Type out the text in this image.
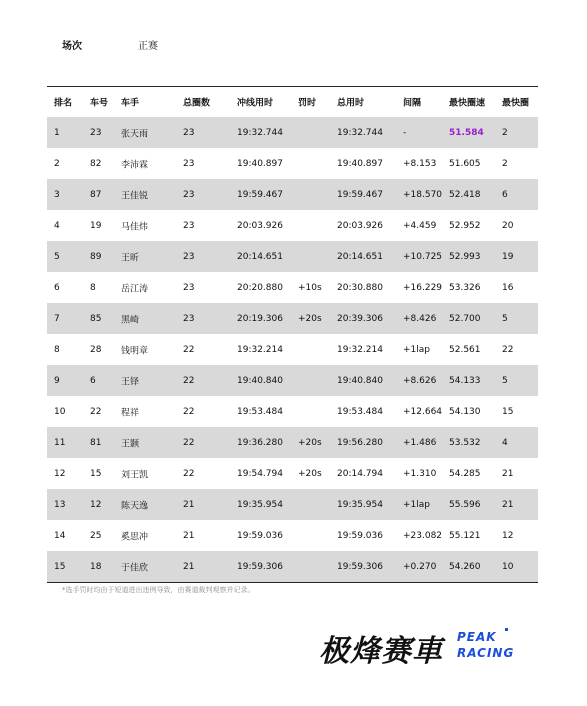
场次	正赛
排名 车号 车手	总圈数	冲线用时	罚时 总用时	间隔	最快圈速 最快圈
1	23 张天雨	23	19:32.744	19:32.744 -	51.584 2
2	82 李沛霖	23	19:40.897	19:40.897 +8.153 51.605 2
3	87 王佳锐	23	19:59.467	19:59.467 +18.570 52.418 6
4	19 马佳炜	23	20:03.926	20:03.926 +4.459 52.952 20
5	89 王昕	23	20:14.651	20:14.651 +10.725 52.993 19
6	8	岳江涛	23	20:20.880 +10s 20:30.880 +16.229 53.326 16
7	85 黑崎	23	20:19.306 +20s 20:39.306 +8.426 52.700 5
8	28 钱明章	22	19:32.214	19:32.214 +1lap 52.561 22
9	6	王铎	22	19:40.840	19:40.840 +8.626 54.133 5
10	22 程祥	22	19:53.484	19:53.484 +12.664 54.130 15
11	81 王颢	22	19:36.280 +20s 19:56.280 +1.486 53.532 4
12	15 刘王凯	22	19:54.794 +20s 20:14.794 +1.310 54.285 21
13	12 陈天逸	21	19:35.954	19:35.954 +1lap 55.596 21
14	25 奚思冲	21	19:59.036	19:59.036 +23.082 55.121 12
15	18 于佳欣	21	19:59.306	19:59.306 +0.270 54.260 10
*选手罚时均由于短道进出违例导致，由赛道裁判观察并记录。
极烽赛車 PEAK
RACING
